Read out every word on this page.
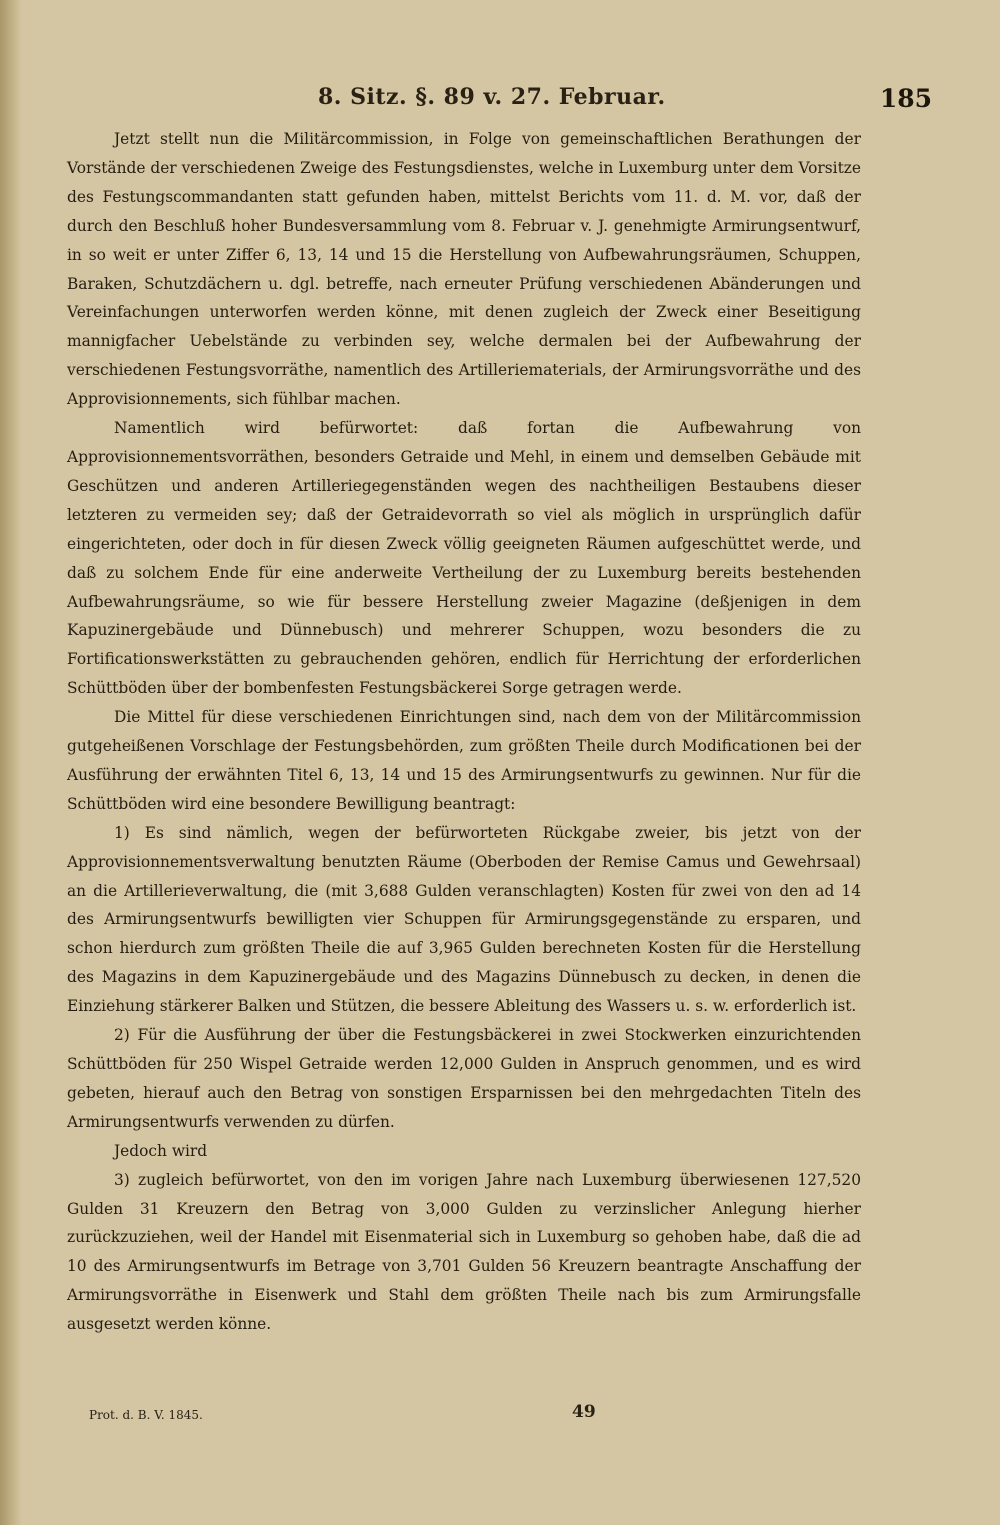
8. Sitz. §. 89 v. 27. Februar.	185

Jetzt stellt nun die Militärcommission, in Folge von gemeinschaftlichen Berathungen der Vorstände der verschiedenen Zweige des Festungsdienstes, welche in Luxemburg unter dem Vorsitze des Festungscommandanten statt gefunden haben, mittelst Berichts vom 11. d. M. vor, daß der durch den Beschluß hoher Bundesversammlung vom 8. Februar v. J. genehmigte Armirungsentwurf, in so weit er unter Ziffer 6, 13, 14 und 15 die Herstellung von Aufbewahrungsräumen, Schuppen, Baraken, Schutzdächern u. dgl. betreffe, nach erneuter Prüfung verschiedenen Abänderungen und Vereinfachungen unterworfen werden könne, mit denen zugleich der Zweck einer Beseitigung mannigfacher Uebelstände zu verbinden sey, welche dermalen bei der Aufbewahrung der verschiedenen Festungsvorräthe, namentlich des Artilleriematerials, der Armirungsvorräthe und des Approvisionnements, sich fühlbar machen.

Namentlich wird befürwortet: daß fortan die Aufbewahrung von Approvisionnementsvorräthen, besonders Getraide und Mehl, in einem und demselben Gebäude mit Geschützen und anderen Artilleriegegenständen wegen des nachtheiligen Bestaubens dieser letzteren zu vermeiden sey; daß der Getraidevorrath so viel als möglich in ursprünglich dafür eingerichteten, oder doch in für diesen Zweck völlig geeigneten Räumen aufgeschüttet werde, und daß zu solchem Ende für eine anderweite Vertheilung der zu Luxemburg bereits bestehenden Aufbewahrungsräume, so wie für bessere Herstellung zweier Magazine (deßjenigen in dem Kapuzinergebäude und Dünnebusch) und mehrerer Schuppen, wozu besonders die zu Fortificationswerkstätten zu gebrauchenden gehören, endlich für Herrichtung der erforderlichen Schüttböden über der bombenfesten Festungsbäckerei Sorge getragen werde.

Die Mittel für diese verschiedenen Einrichtungen sind, nach dem von der Militärcommission gutgeheißenen Vorschlage der Festungsbehörden, zum größten Theile durch Modificationen bei der Ausführung der erwähnten Titel 6, 13, 14 und 15 des Armirungsentwurfs zu gewinnen. Nur für die Schüttböden wird eine besondere Bewilligung beantragt:

1) Es sind nämlich, wegen der befürworteten Rückgabe zweier, bis jetzt von der Approvisionnementsverwaltung benutzten Räume (Oberboden der Remise Camus und Gewehrsaal) an die Artillerieverwaltung, die (mit 3,688 Gulden veranschlagten) Kosten für zwei von den ad 14 des Armirungsentwurfs bewilligten vier Schuppen für Armirungsgegenstände zu ersparen, und schon hierdurch zum größten Theile die auf 3,965 Gulden berechneten Kosten für die Herstellung des Magazins in dem Kapuzinergebäude und des Magazins Dünnebusch zu decken, in denen die Einziehung stärkerer Balken und Stützen, die bessere Ableitung des Wassers u. s. w. erforderlich ist.

2) Für die Ausführung der über die Festungsbäckerei in zwei Stockwerken einzurichtenden Schüttböden für 250 Wispel Getraide werden 12,000 Gulden in Anspruch genommen, und es wird gebeten, hierauf auch den Betrag von sonstigen Ersparnissen bei den mehrgedachten Titeln des Armirungsentwurfs verwenden zu dürfen.

Jedoch wird

3) zugleich befürwortet, von den im vorigen Jahre nach Luxemburg überwiesenen 127,520 Gulden 31 Kreuzern den Betrag von 3,000 Gulden zu verzinslicher Anlegung hierher zurückzuziehen, weil der Handel mit Eisenmaterial sich in Luxemburg so gehoben habe, daß die ad 10 des Armirungsentwurfs im Betrage von 3,701 Gulden 56 Kreuzern beantragte Anschaffung der Armirungsvorräthe in Eisenwerk und Stahl dem größten Theile nach bis zum Armirungsfalle ausgesetzt werden könne.

Prot. d. B. V. 1845.	49
